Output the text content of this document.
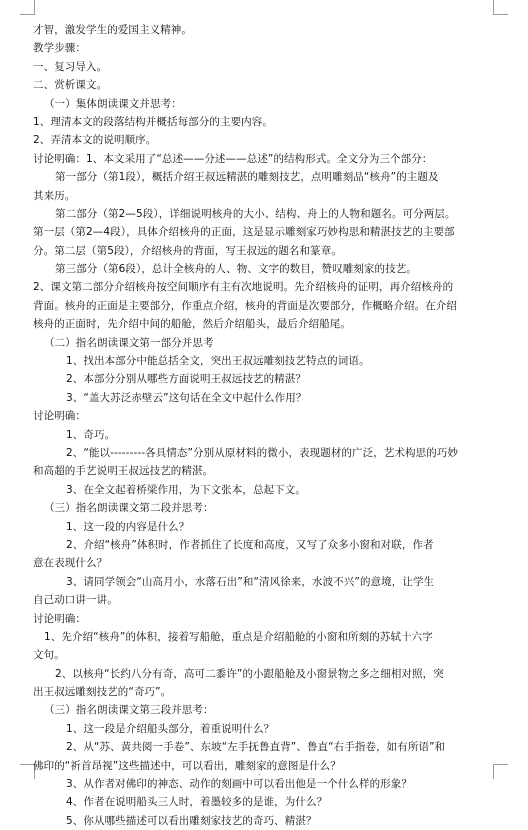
-
才智，激发学生的爱国主义精神。
教学步骤：
一、复习导入。
二、赏析课文。
（一）集体朗读课文并思考：
1、理清本文的段落结构并概括每部分的主要内容。
2、弄清本文的说明顺序。
讨论明确：1、本文采用了“总述——分述——总述”的结构形式。全文分为三个部分：
第一部分（第1段），概括介绍王叔远精湛的雕刻技艺，点明雕刻品“核舟”的主题及
其来历。
第二部分（第2—5段），详细说明核舟的大小、结构、舟上的人物和题名。可分两层。
第一层（第2—4段），具体介绍核舟的正面，这是显示雕刻家巧妙构思和精湛技艺的主要部
分。第二层（第5段），介绍核舟的背面，写王叔远的题名和篆章。
第三部分（第6段），总计全核舟的人、物、文字的数目，赞叹雕刻家的技艺。
2、课文第二部分介绍核舟按空间顺序有主有次地说明。先介绍核舟的证明，再介绍核舟的
背面。核舟的正面是主要部分，作重点介绍，核舟的背面是次要部分，作概略介绍。在介绍
核舟的正面时，先介绍中间的船舱，然后介绍船头，最后介绍船尾。
（二）指名朗读课文第一部分并思考
1、找出本部分中能总括全文，突出王叔远雕刻技艺特点的词语。
2、本部分分别从哪些方面说明王叔远技艺的精湛？
3、“盖大苏泛赤壁云”这句话在全文中起什么作用？
讨论明确：
1、奇巧。
2、“能以---------各具情态”分别从原材料的微小，表现题材的广泛，艺术构思的巧妙
和高超的手艺说明王叔远技艺的精湛。
3、在全文起着桥梁作用，为下文张本，总起下文。
（三）指名朗读课文第二段并思考：
1、这一段的内容是什么？
2、介绍“核舟”体积时，作者抓住了长度和高度，又写了众多小窗和对联，作者
意在表现什么？
3、请同学领会“山高月小，水落石出”和“清风徐来，水波不兴”的意境，让学生
自己动口讲一讲。
讨论明确：
1、先介绍“核舟”的体积，接着写船舱，重点是介绍船舱的小窗和所刻的苏轼十六字
文句。
2、以核舟“长约八分有奇，高可二黍许”的小跟船舱及小窗景物之多之细相对照，突
出王叔远雕刻技艺的“奇巧”。
（三）指名朗读课文第三段并思考：
1、这一段是介绍船头部分，着重说明什么？
2、从“苏、黄共阅一手卷”、东坡“左手抚鲁直背”、鲁直“右手指卷，如有所语”和
佛印的“祈首昂视”这些描述中，可以看出，雕刻家的意图是什么？
3、从作者对佛印的神态、动作的刻画中可以看出他是一个什么样的形象？
4、作者在说明船头三人时，着墨较多的是谁，为什么？
5、你从哪些描述可以看出雕刻家技艺的奇巧、精湛？
